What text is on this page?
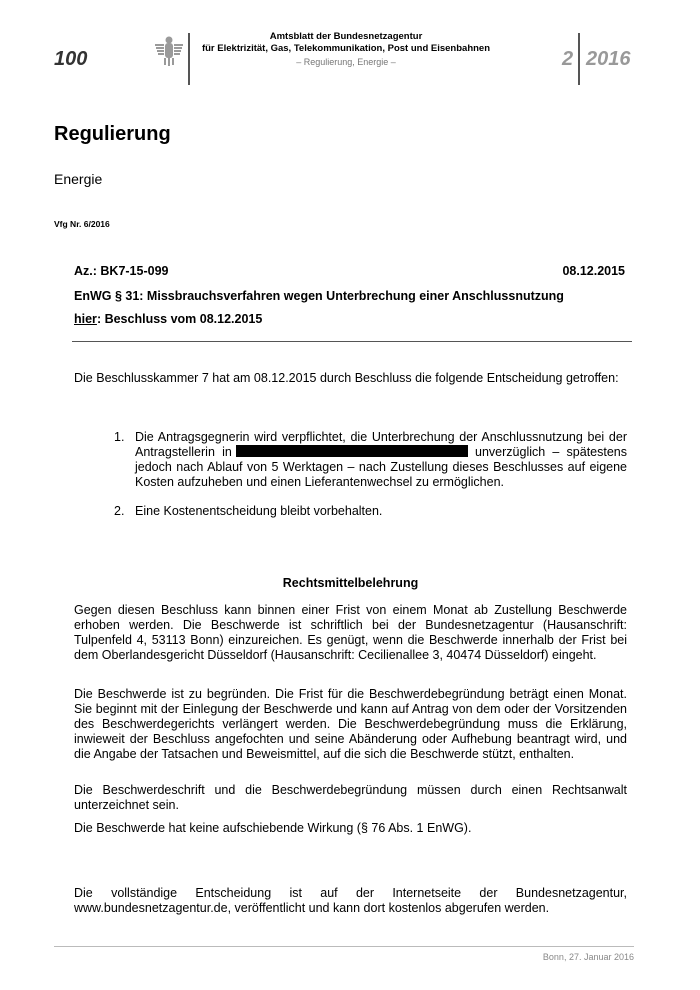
100
Amtsblatt der Bundesnetzagentur
für Elektrizität, Gas, Telekommunikation, Post und Eisenbahnen
– Regulierung, Energie –	2 2016
Regulierung
Energie
Vfg Nr. 6/2016
Az.: BK7-15-099	08.12.2015
EnWG § 31: Missbrauchsverfahren wegen Unterbrechung einer Anschlussnutzung
hier: Beschluss vom 08.12.2015
Die Beschlusskammer 7 hat am 08.12.2015 durch Beschluss die folgende Entscheidung getroffen:
1. Die Antragsgegnerin wird verpflichtet, die Unterbrechung der Anschlussnutzung bei der Antragstellerin in	unverzüglich – spätestens jedoch nach Ablauf von 5 Werktagen – nach Zustellung dieses Beschlusses auf eigene Kosten aufzuheben und einen Lieferantenwechsel zu ermöglichen.
2. Eine Kostenentscheidung bleibt vorbehalten.
Rechtsmittelbelehrung
Gegen diesen Beschluss kann binnen einer Frist von einem Monat ab Zustellung Beschwerde erhoben werden. Die Beschwerde ist schriftlich bei der Bundesnetzagentur (Hausanschrift: Tulpenfeld 4, 53113 Bonn) einzureichen. Es genügt, wenn die Beschwerde innerhalb der Frist bei dem Oberlandesgericht Düsseldorf (Hausanschrift: Cecilienallee 3, 40474 Düsseldorf) eingeht.
Die Beschwerde ist zu begründen. Die Frist für die Beschwerdebegründung beträgt einen Monat. Sie beginnt mit der Einlegung der Beschwerde und kann auf Antrag von dem oder der Vorsitzenden des Beschwerdegerichts verlängert werden. Die Beschwerdebegründung muss die Erklärung, inwieweit der Beschluss angefochten und seine Abänderung oder Aufhebung beantragt wird, und die Angabe der Tatsachen und Beweismittel, auf die sich die Beschwerde stützt, enthalten.
Die Beschwerdeschrift und die Beschwerdebegründung müssen durch einen Rechtsanwalt unterzeichnet sein.
Die Beschwerde hat keine aufschiebende Wirkung (§ 76 Abs. 1 EnWG).
Die vollständige Entscheidung ist auf der Internetseite der Bundesnetzagentur, www.bundesnetzagentur.de, veröffentlicht und kann dort kostenlos abgerufen werden.
Bonn, 27. Januar 2016
